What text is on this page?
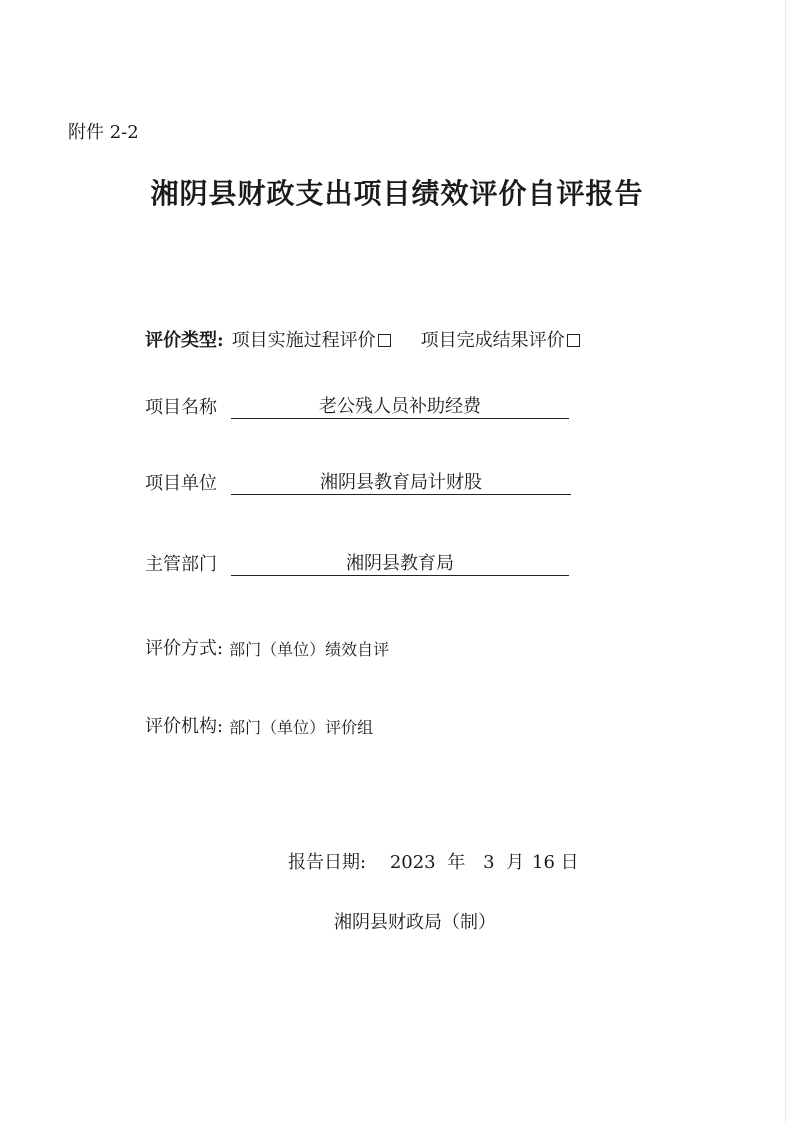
附件 2-2
湘阴县财政支出项目绩效评价自评报告
评价类型: 项目实施过程评价	项目完成结果评价
项目名称	老公残人员补助经费
项目单位	湘阴县教育局计财股
主管部门	湘阴县教育局
评价方式: 部门（单位）绩效自评
评价机构: 部门（单位）评价组
报告日期: 2023 年 3 月 16 日
湘阴县财政局（制）
